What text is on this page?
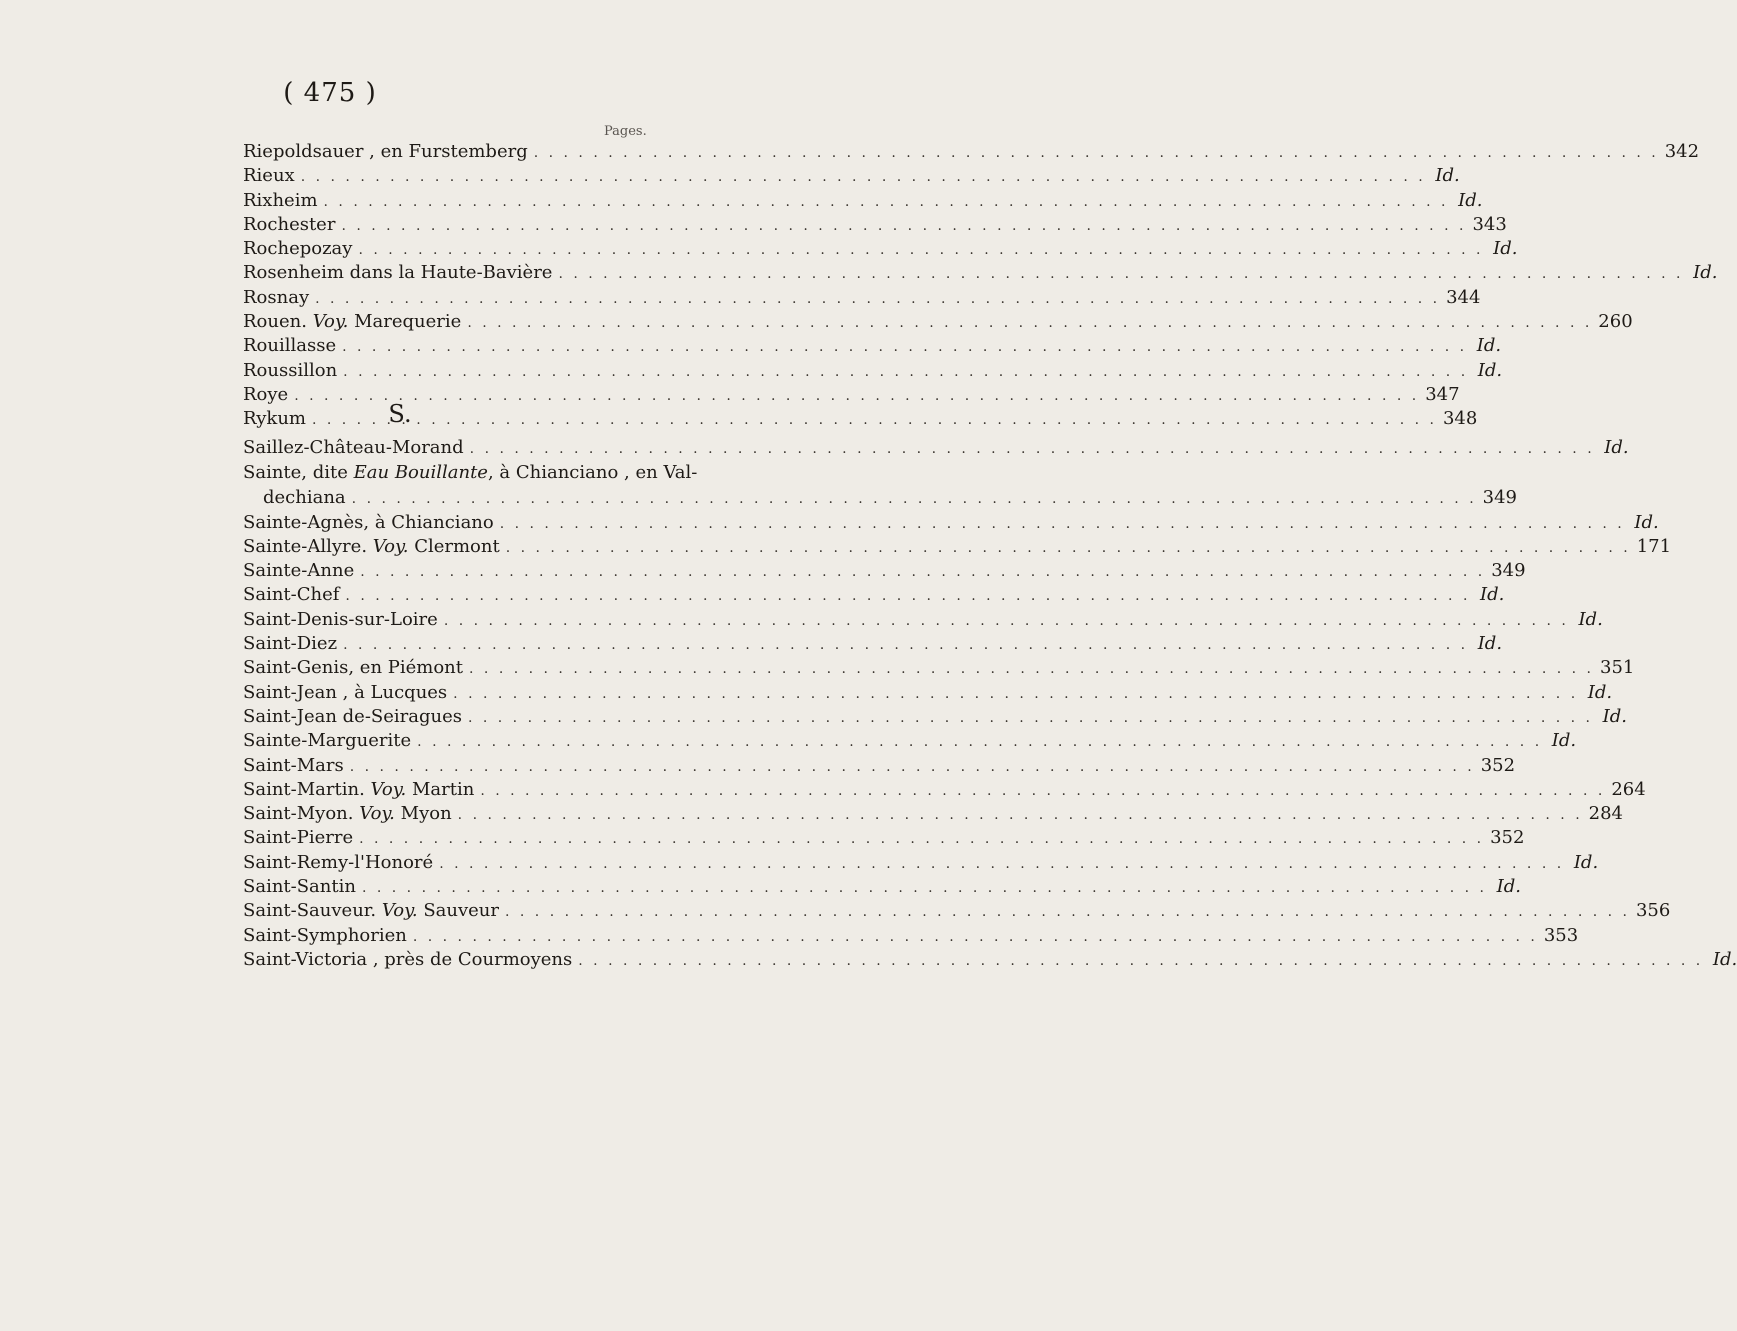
( 475 )
Pages.
Riepoldsauer , en Furstemberg . . .	342
Rieux . . .	Id.
Rixheim . . .	Id.
Rochester . . .	343
Rochepozay . . .	Id.
Rosenheim dans la Haute-Bavière . . .	Id.
Rosnay . . .	344
Rouen. Voy. Marequerie . . .	260
Rouillasse . . .	Id.
Roussillon . . .	Id.
Roye . . .	347
Rykum . . .	348
S.
Saillez-Château-Morand . . .	Id.
Sainte, dite Eau Bouillante, à Chianciano , en Val-
dechiana . . .	349
Sainte-Agnès, à Chianciano . . .	Id.
Sainte-Allyre. Voy. Clermont . . .	171
Sainte-Anne . . .	349
Saint-Chef . . .	Id.
Saint-Denis-sur-Loire . . .	Id.
Saint-Diez . . .	Id.
Saint-Genis, en Piémont . . .	351
Saint-Jean , à Lucques . . .	Id.
Saint-Jean de-Seiragues . . .	Id.
Sainte-Marguerite . . .	Id.
Saint-Mars . . .	352
Saint-Martin. Voy. Martin . . .	264
Saint-Myon. Voy. Myon . . .	284
Saint-Pierre . . .	352
Saint-Remy-l'Honoré . . .	Id.
Saint-Santin . . .	Id.
Saint-Sauveur. Voy. Sauveur . . .	356
Saint-Symphorien . . .	353
Saint-Victoria , près de Courmoyens . . .	Id.
